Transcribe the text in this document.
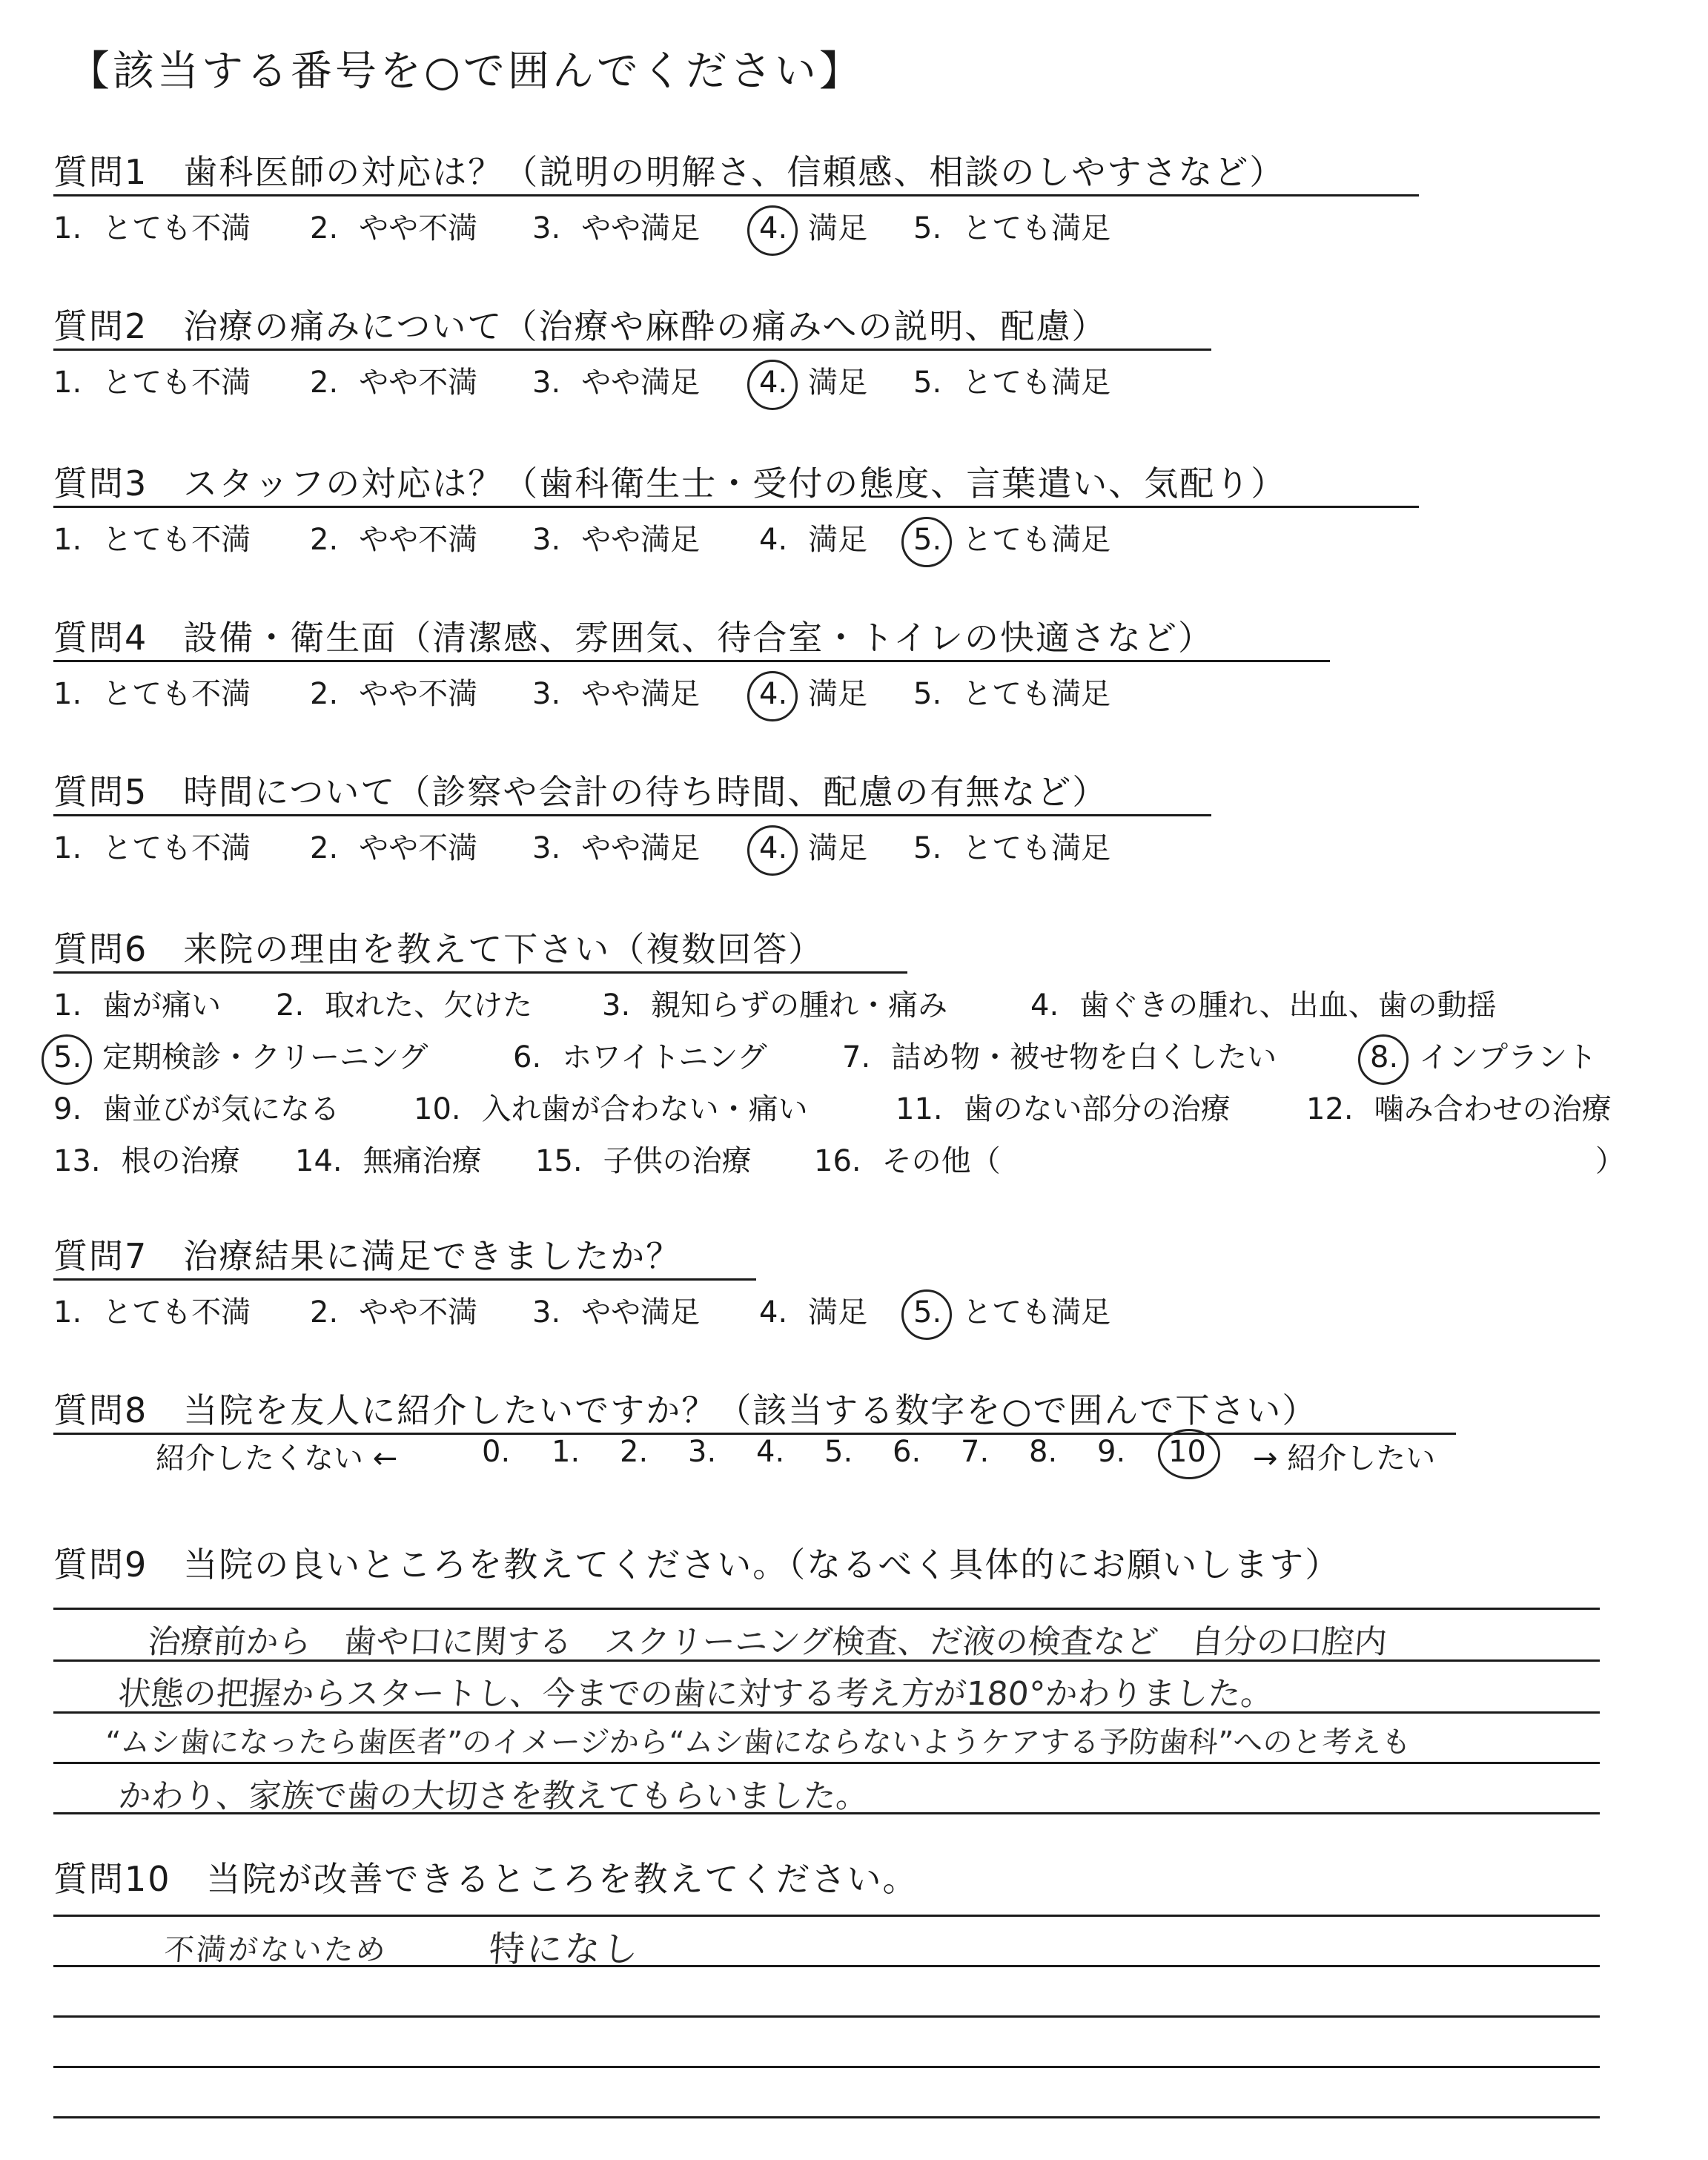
【該当する番号を○で囲んでください】
質問1　歯科医師の対応は？（説明の明解さ、信頼感、相談のしやすさなど）
1. とても不満 2. やや不満 3. やや満足 4. 満足 5. とても満足
質問2　治療の痛みについて（治療や麻酔の痛みへの説明、配慮）
1. とても不満 2. やや不満 3. やや満足 4. 満足 5. とても満足
質問3　スタッフの対応は？（歯科衛生士・受付の態度、言葉遣い、気配り）
1. とても不満 2. やや不満 3. やや満足 4. 満足 5. とても満足
質問4　設備・衛生面（清潔感、雰囲気、待合室・トイレの快適さなど）
1. とても不満 2. やや不満 3. やや満足 4. 満足 5. とても満足
質問5　時間について（診察や会計の待ち時間、配慮の有無など）
1. とても不満 2. やや不満 3. やや満足 4. 満足 5. とても満足
質問6　来院の理由を教えて下さい（複数回答）
1. 歯が痛い 2. 取れた、欠けた 3. 親知らずの腫れ・痛み	4. 歯ぐきの腫れ、出血、歯の動揺
5. 定期検診・クリーニング	6. ホワイトニング	7. 詰め物・被せ物を白くしたい	8. インプラント
9. 歯並びが気になる 10. 入れ歯が合わない・痛い	11. 歯のない部分の治療	12. 噛み合わせの治療
13. 根の治療 14. 無痛治療 15. 子供の治療 16. その他（	）
質問7　治療結果に満足できましたか？
1. とても不満 2. やや不満 3. やや満足 4. 満足 5. とても満足
質問8　当院を友人に紹介したいですか？（該当する数字を○で囲んで下さい）
紹介したくない ←	0. 1. 2. 3. 4. 5. 6. 7. 8. 9. 10	→ 紹介したい
質問9　当院の良いところを教えてください。（なるべく具体的にお願いします）
治療前から　歯や口に関する　スクリーニング検査、だ液の検査など　自分の口腔内
状態の把握からスタートし、今までの歯に対する考え方が180°かわりました。
“ムシ歯になったら歯医者”のイメージから“ムシ歯にならないようケアする予防歯科”へのと考えも
かわり、家族で歯の大切さを教えてもらいました。
質問10　当院が改善できるところを教えてください。
不満がないため	特になし
